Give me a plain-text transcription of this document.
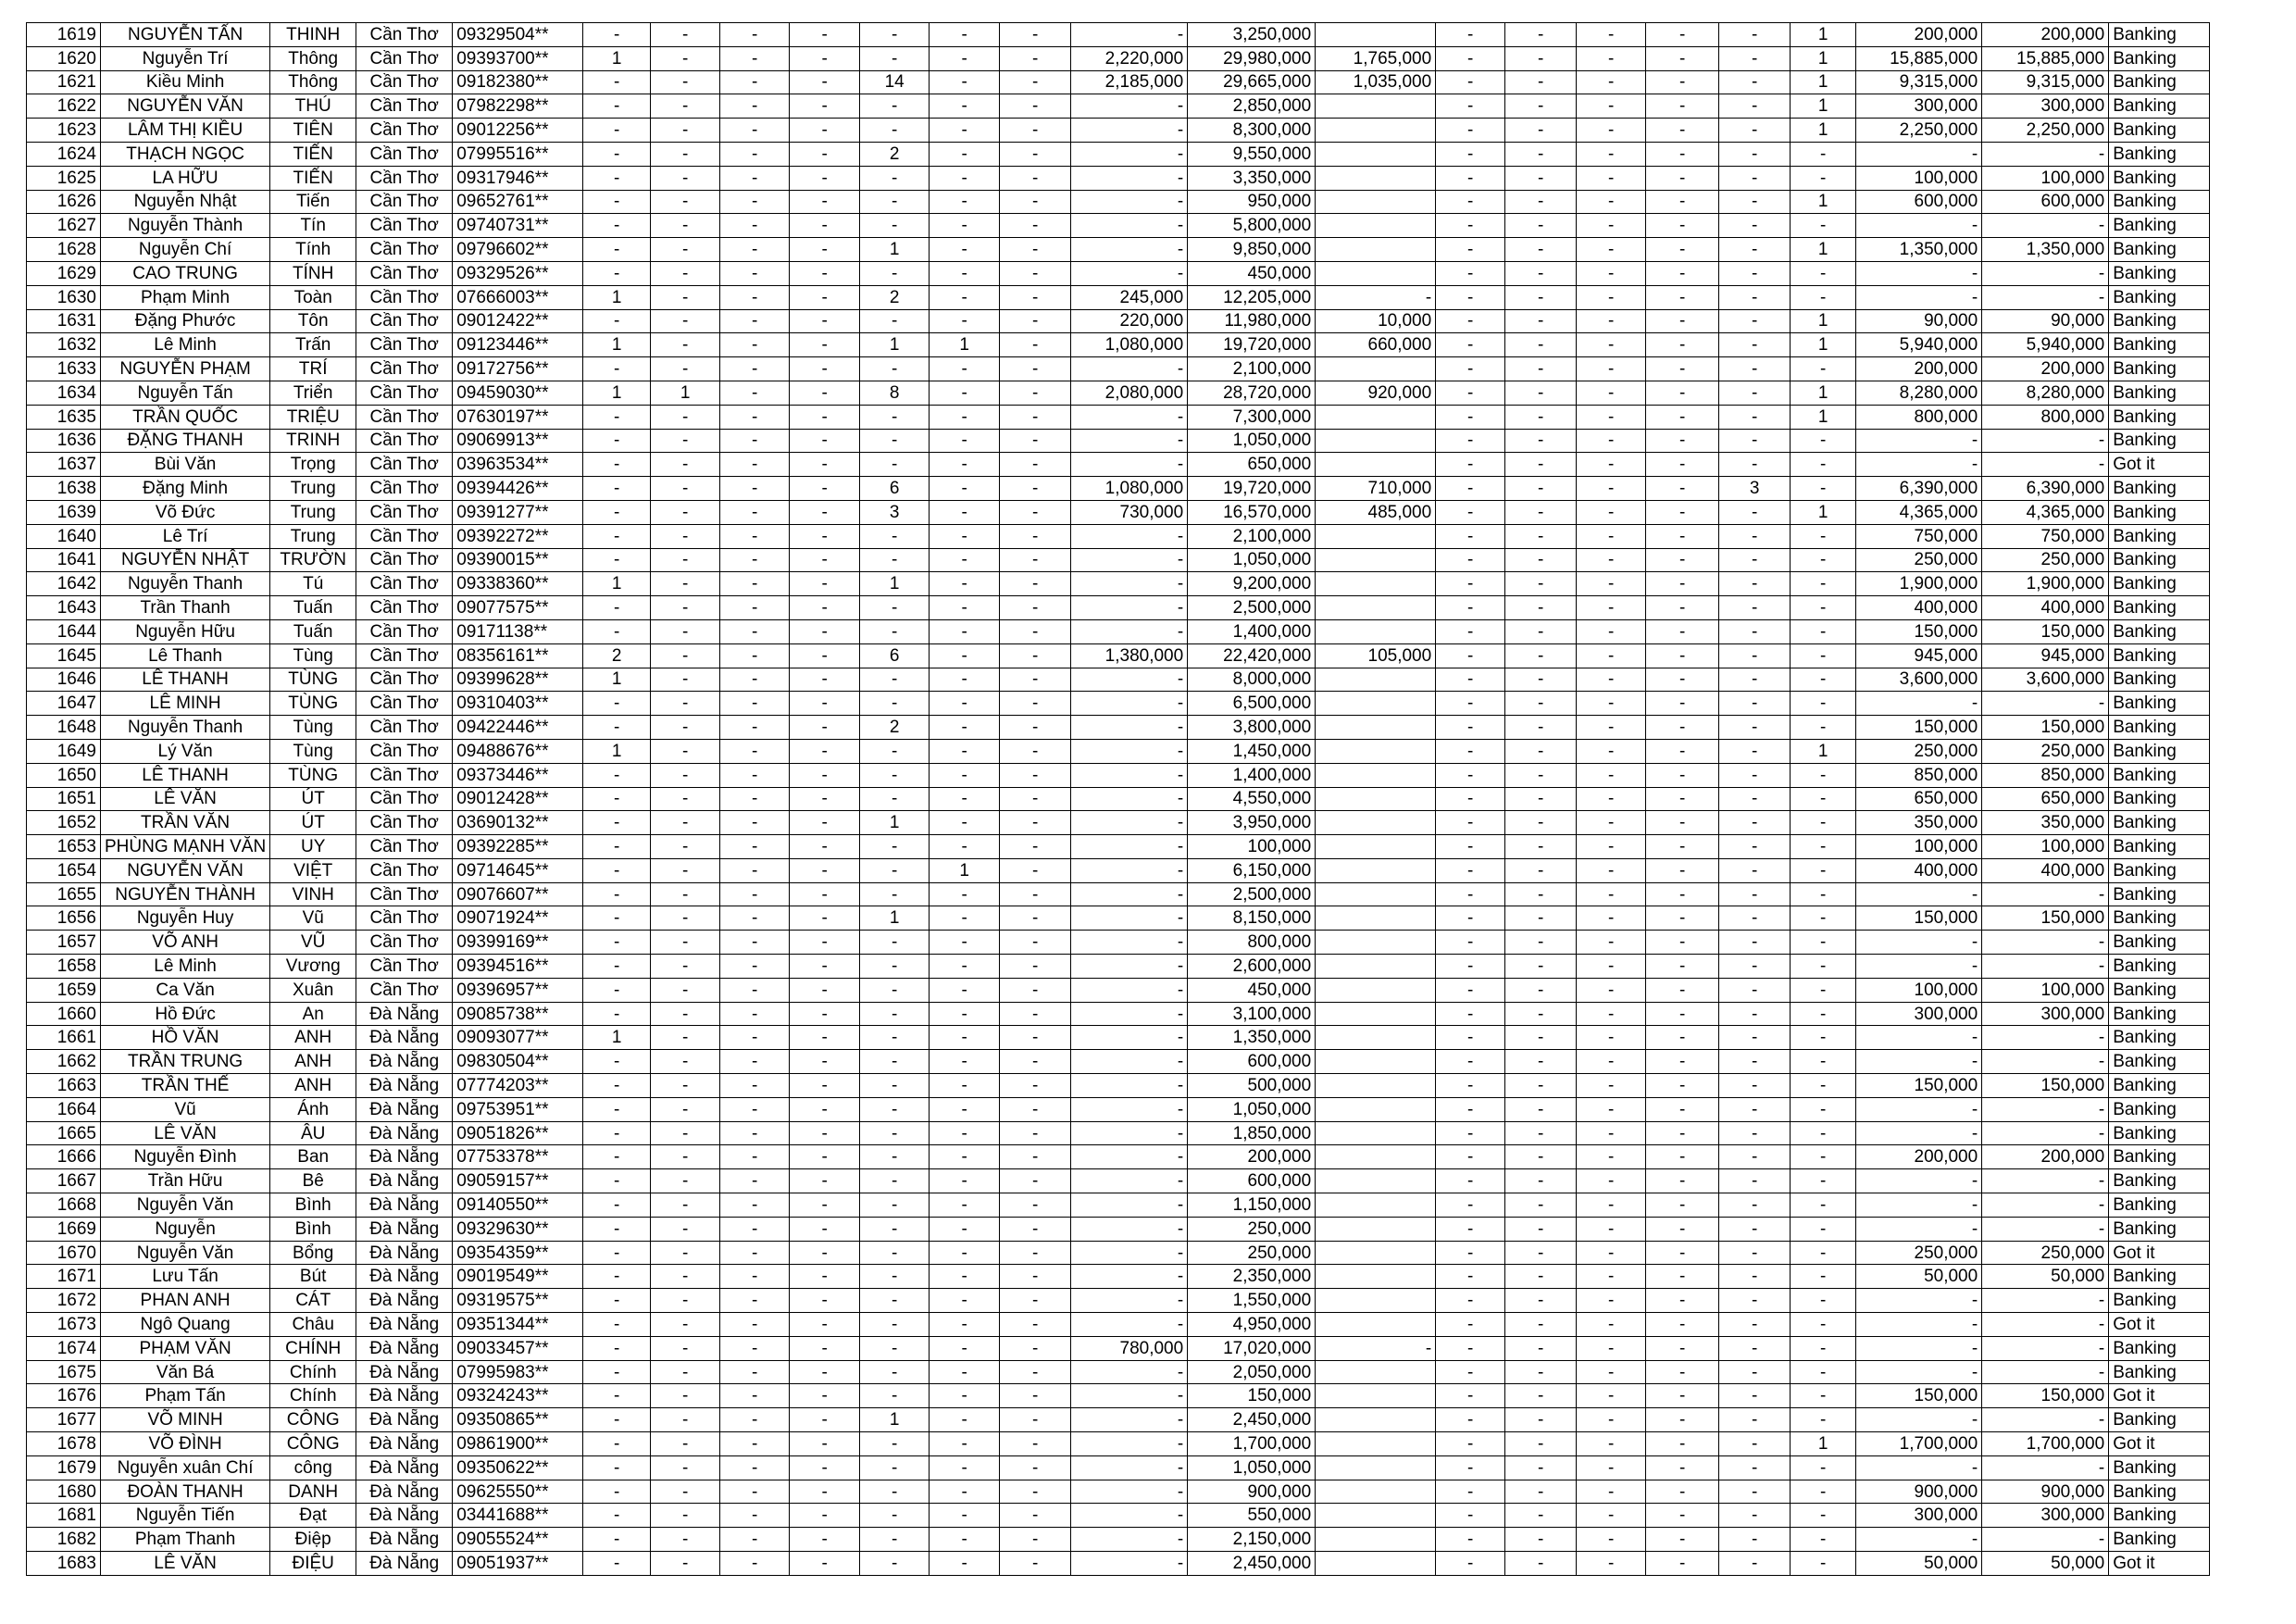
1619	NGUYỄN TẤN	THINH	Cần Thơ	09329504**	-	-	-	-	-	-	-	-	3,250,000		-	-	-	-	-	1	200,000	200,000	Banking
1620	Nguyễn Trí	Thông	Cần Thơ	09393700**	1	-	-	-	-	-	-	2,220,000	29,980,000	1,765,000	-	-	-	-	-	1	15,885,000	15,885,000	Banking
1621	Kiều Minh	Thông	Cần Thơ	09182380**	-	-	-	-	14	-	-	2,185,000	29,665,000	1,035,000	-	-	-	-	-	1	9,315,000	9,315,000	Banking
1622	NGUYỄN VĂN	THÚ	Cần Thơ	07982298**	-	-	-	-	-	-	-	-	2,850,000		-	-	-	-	-	1	300,000	300,000	Banking
1623	LÂM THỊ KIỀU	TIÊN	Cần Thơ	09012256**	-	-	-	-	-	-	-	-	8,300,000		-	-	-	-	-	1	2,250,000	2,250,000	Banking
1624	THẠCH NGỌC	TIẾN	Cần Thơ	07995516**	-	-	-	-	2	-	-	-	9,550,000		-	-	-	-	-	-	-	-	Banking
1625	LA HỮU	TIẾN	Cần Thơ	09317946**	-	-	-	-	-	-	-	-	3,350,000		-	-	-	-	-	-	100,000	100,000	Banking
1626	Nguyễn Nhật	Tiến	Cần Thơ	09652761**	-	-	-	-	-	-	-	-	950,000		-	-	-	-	-	1	600,000	600,000	Banking
1627	Nguyễn Thành	Tín	Cần Thơ	09740731**	-	-	-	-	-	-	-	-	5,800,000		-	-	-	-	-	-	-	-	Banking
1628	Nguyễn Chí	Tính	Cần Thơ	09796602**	-	-	-	-	1	-	-	-	9,850,000		-	-	-	-	-	1	1,350,000	1,350,000	Banking
1629	CAO TRUNG	TÍNH	Cần Thơ	09329526**	-	-	-	-	-	-	-	-	450,000		-	-	-	-	-	-	-	-	Banking
1630	Phạm Minh	Toàn	Cần Thơ	07666003**	1	-	-	-	2	-	-	245,000	12,205,000	-	-	-	-	-	-	-	-	-	Banking
1631	Đặng Phước	Tôn	Cần Thơ	09012422**	-	-	-	-	-	-	-	220,000	11,980,000	10,000	-	-	-	-	-	1	90,000	90,000	Banking
1632	Lê Minh	Trấn	Cần Thơ	09123446**	1	-	-	-	1	1	-	1,080,000	19,720,000	660,000	-	-	-	-	-	1	5,940,000	5,940,000	Banking
1633	NGUYỄN PHẠM	TRÍ	Cần Thơ	09172756**	-	-	-	-	-	-	-	-	2,100,000		-	-	-	-	-	-	200,000	200,000	Banking
1634	Nguyễn Tấn	Triển	Cần Thơ	09459030**	1	1	-	-	8	-	-	2,080,000	28,720,000	920,000	-	-	-	-	-	1	8,280,000	8,280,000	Banking
1635	TRẦN QUỐC	TRIỆU	Cần Thơ	07630197**	-	-	-	-	-	-	-	-	7,300,000		-	-	-	-	-	1	800,000	800,000	Banking
1636	ĐẶNG THANH	TRINH	Cần Thơ	09069913**	-	-	-	-	-	-	-	-	1,050,000		-	-	-	-	-	-	-	-	Banking
1637	Bùi Văn	Trọng	Cần Thơ	03963534**	-	-	-	-	-	-	-	-	650,000		-	-	-	-	-	-	-	-	Got it
1638	Đặng Minh	Trung	Cần Thơ	09394426**	-	-	-	-	6	-	-	1,080,000	19,720,000	710,000	-	-	-	-	3	-	6,390,000	6,390,000	Banking
1639	Võ Đức	Trung	Cần Thơ	09391277**	-	-	-	-	3	-	-	730,000	16,570,000	485,000	-	-	-	-	-	1	4,365,000	4,365,000	Banking
1640	Lê Trí	Trung	Cần Thơ	09392272**	-	-	-	-	-	-	-	-	2,100,000		-	-	-	-	-	-	750,000	750,000	Banking
1641	NGUYỄN NHẬT	TRƯỜN	Cần Thơ	09390015**	-	-	-	-	-	-	-	-	1,050,000		-	-	-	-	-	-	250,000	250,000	Banking
1642	Nguyễn Thanh	Tú	Cần Thơ	09338360**	1	-	-	-	1	-	-	-	9,200,000		-	-	-	-	-	-	1,900,000	1,900,000	Banking
1643	Trần Thanh	Tuấn	Cần Thơ	09077575**	-	-	-	-	-	-	-	-	2,500,000		-	-	-	-	-	-	400,000	400,000	Banking
1644	Nguyễn Hữu	Tuấn	Cần Thơ	09171138**	-	-	-	-	-	-	-	-	1,400,000		-	-	-	-	-	-	150,000	150,000	Banking
1645	Lê Thanh	Tùng	Cần Thơ	08356161**	2	-	-	-	6	-	-	1,380,000	22,420,000	105,000	-	-	-	-	-	-	945,000	945,000	Banking
1646	LÊ THANH	TÙNG	Cần Thơ	09399628**	1	-	-	-	-	-	-	-	8,000,000		-	-	-	-	-	-	3,600,000	3,600,000	Banking
1647	LÊ MINH	TÙNG	Cần Thơ	09310403**	-	-	-	-	-	-	-	-	6,500,000		-	-	-	-	-	-	-	-	Banking
1648	Nguyễn Thanh	Tùng	Cần Thơ	09422446**	-	-	-	-	2	-	-	-	3,800,000		-	-	-	-	-	-	150,000	150,000	Banking
1649	Lý Văn	Tùng	Cần Thơ	09488676**	1	-	-	-	-	-	-	-	1,450,000		-	-	-	-	-	1	250,000	250,000	Banking
1650	LÊ THANH	TÙNG	Cần Thơ	09373446**	-	-	-	-	-	-	-	-	1,400,000		-	-	-	-	-	-	850,000	850,000	Banking
1651	LÊ VĂN	ÚT	Cần Thơ	09012428**	-	-	-	-	-	-	-	-	4,550,000		-	-	-	-	-	-	650,000	650,000	Banking
1652	TRẦN VĂN	ÚT	Cần Thơ	03690132**	-	-	-	-	1	-	-	-	3,950,000		-	-	-	-	-	-	350,000	350,000	Banking
1653	PHÙNG MẠNH VĂN	UY	Cần Thơ	09392285**	-	-	-	-	-	-	-	-	100,000		-	-	-	-	-	-	100,000	100,000	Banking
1654	NGUYỄN VĂN	VIỆT	Cần Thơ	09714645**	-	-	-	-	-	1	-	-	6,150,000		-	-	-	-	-	-	400,000	400,000	Banking
1655	NGUYỄN THÀNH	VINH	Cần Thơ	09076607**	-	-	-	-	-	-	-	-	2,500,000		-	-	-	-	-	-	-	-	Banking
1656	Nguyễn Huy	Vũ	Cần Thơ	09071924**	-	-	-	-	1	-	-	-	8,150,000		-	-	-	-	-	-	150,000	150,000	Banking
1657	VÕ ANH	VŨ	Cần Thơ	09399169**	-	-	-	-	-	-	-	-	800,000		-	-	-	-	-	-	-	-	Banking
1658	Lê Minh	Vương	Cần Thơ	09394516**	-	-	-	-	-	-	-	-	2,600,000		-	-	-	-	-	-	-	-	Banking
1659	Ca Văn	Xuân	Cần Thơ	09396957**	-	-	-	-	-	-	-	-	450,000		-	-	-	-	-	-	100,000	100,000	Banking
1660	Hồ Đức	An	Đà Nẵng	09085738**	-	-	-	-	-	-	-	-	3,100,000		-	-	-	-	-	-	300,000	300,000	Banking
1661	HỒ VĂN	ANH	Đà Nẵng	09093077**	1	-	-	-	-	-	-	-	1,350,000		-	-	-	-	-	-	-	-	Banking
1662	TRẦN TRUNG	ANH	Đà Nẵng	09830504**	-	-	-	-	-	-	-	-	600,000		-	-	-	-	-	-	-	-	Banking
1663	TRẦN THẾ	ANH	Đà Nẵng	07774203**	-	-	-	-	-	-	-	-	500,000		-	-	-	-	-	-	150,000	150,000	Banking
1664	Vũ	Ánh	Đà Nẵng	09753951**	-	-	-	-	-	-	-	-	1,050,000		-	-	-	-	-	-	-	-	Banking
1665	LÊ VĂN	ÂU	Đà Nẵng	09051826**	-	-	-	-	-	-	-	-	1,850,000		-	-	-	-	-	-	-	-	Banking
1666	Nguyễn Đình	Ban	Đà Nẵng	07753378**	-	-	-	-	-	-	-	-	200,000		-	-	-	-	-	-	200,000	200,000	Banking
1667	Trần Hữu	Bê	Đà Nẵng	09059157**	-	-	-	-	-	-	-	-	600,000		-	-	-	-	-	-	-	-	Banking
1668	Nguyễn Văn	Bình	Đà Nẵng	09140550**	-	-	-	-	-	-	-	-	1,150,000		-	-	-	-	-	-	-	-	Banking
1669	Nguyễn	Bình	Đà Nẵng	09329630**	-	-	-	-	-	-	-	-	250,000		-	-	-	-	-	-	-	-	Banking
1670	Nguyễn Văn	Bổng	Đà Nẵng	09354359**	-	-	-	-	-	-	-	-	250,000		-	-	-	-	-	-	250,000	250,000	Got it
1671	Lưu Tấn	Bút	Đà Nẵng	09019549**	-	-	-	-	-	-	-	-	2,350,000		-	-	-	-	-	-	50,000	50,000	Banking
1672	PHAN ANH	CÁT	Đà Nẵng	09319575**	-	-	-	-	-	-	-	-	1,550,000		-	-	-	-	-	-	-	-	Banking
1673	Ngô Quang	Châu	Đà Nẵng	09351344**	-	-	-	-	-	-	-	-	4,950,000		-	-	-	-	-	-	-	-	Got it
1674	PHẠM VĂN	CHÍNH	Đà Nẵng	09033457**	-	-	-	-	-	-	-	780,000	17,020,000	-	-	-	-	-	-	-	-	-	Banking
1675	Văn Bá	Chính	Đà Nẵng	07995983**	-	-	-	-	-	-	-	-	2,050,000		-	-	-	-	-	-	-	-	Banking
1676	Phạm Tấn	Chính	Đà Nẵng	09324243**	-	-	-	-	-	-	-	-	150,000		-	-	-	-	-	-	150,000	150,000	Got it
1677	VÕ MINH	CÔNG	Đà Nẵng	09350865**	-	-	-	-	1	-	-	-	2,450,000		-	-	-	-	-	-	-	-	Banking
1678	VÕ ĐÌNH	CÔNG	Đà Nẵng	09861900**	-	-	-	-	-	-	-	-	1,700,000		-	-	-	-	-	1	1,700,000	1,700,000	Got it
1679	Nguyễn xuân Chí	công	Đà Nẵng	09350622**	-	-	-	-	-	-	-	-	1,050,000		-	-	-	-	-	-	-	-	Banking
1680	ĐOÀN THANH	DANH	Đà Nẵng	09625550**	-	-	-	-	-	-	-	-	900,000		-	-	-	-	-	-	900,000	900,000	Banking
1681	Nguyễn Tiến	Đạt	Đà Nẵng	03441688**	-	-	-	-	-	-	-	-	550,000		-	-	-	-	-	-	300,000	300,000	Banking
1682	Phạm Thanh	Điệp	Đà Nẵng	09055524**	-	-	-	-	-	-	-	-	2,150,000		-	-	-	-	-	-	-	-	Banking
1683	LÊ VĂN	ĐIỆU	Đà Nẵng	09051937**	-	-	-	-	-	-	-	-	2,450,000		-	-	-	-	-	-	50,000	50,000	Got it
